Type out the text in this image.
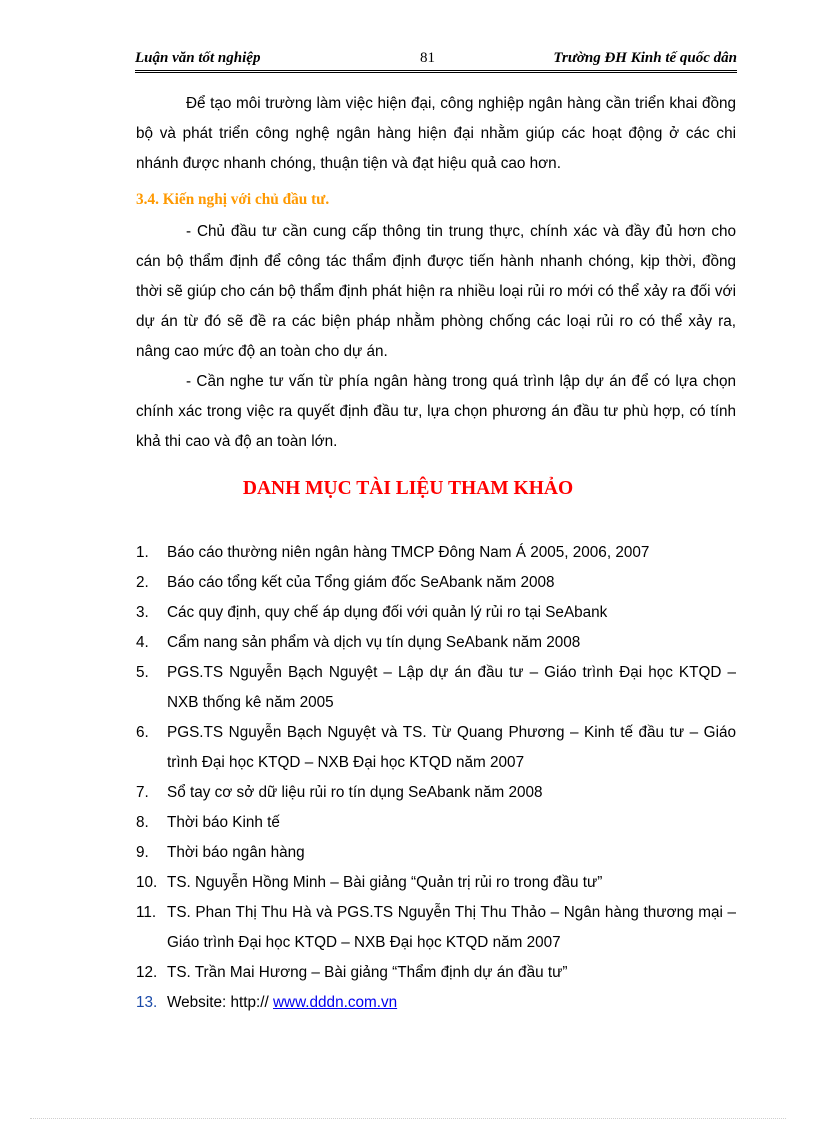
Luận văn tốt nghiệp	81	Trường ĐH Kinh tế quốc dân

Để tạo môi trường làm việc hiện đại, công nghiệp ngân hàng cần triển khai đồng bộ và phát triển công nghệ ngân hàng hiện đại nhằm giúp các hoạt động ở các chi nhánh được nhanh chóng, thuận tiện và đạt hiệu quả cao hơn.

3.4. Kiến nghị với chủ đầu tư.

- Chủ đầu tư cần cung cấp thông tin trung thực, chính xác và đầy đủ hơn cho cán bộ thẩm định để công tác thẩm định được tiến hành nhanh chóng, kịp thời, đồng thời sẽ giúp cho cán bộ thẩm định phát hiện ra nhiều loại rủi ro mới có thể xảy ra đối với dự án từ đó sẽ đề ra các biện pháp nhằm phòng chống các loại rủi ro có thể xảy ra, nâng cao mức độ an toàn cho dự án.

- Cần nghe tư vấn từ phía ngân hàng trong quá trình lập dự án để có lựa chọn chính xác trong việc ra quyết định đầu tư, lựa chọn phương án đầu tư phù hợp, có tính khả thi cao và độ an toàn lớn.

DANH MỤC TÀI LIỆU THAM KHẢO
1. Báo cáo thường niên ngân hàng TMCP Đông Nam Á 2005, 2006, 2007
2. Báo cáo tổng kết của Tổng giám đốc SeAbank năm 2008
3. Các quy định, quy chế áp dụng đối với quản lý rủi ro tại SeAbank
4. Cẩm nang sản phẩm và dịch vụ tín dụng SeAbank năm 2008
5. PGS.TS Nguyễn Bạch Nguyệt – Lập dự án đầu tư – Giáo trình Đại học KTQD – NXB thống kê năm 2005
6. PGS.TS Nguyễn Bạch Nguyệt và TS. Từ Quang Phương – Kinh tế đầu tư – Giáo trình Đại học KTQD – NXB Đại học KTQD năm 2007
7. Sổ tay cơ sở dữ liệu rủi ro tín dụng SeAbank năm 2008
8. Thời báo Kinh tế
9. Thời báo ngân hàng
10. TS. Nguyễn Hồng Minh – Bài giảng “Quản trị rủi ro trong đầu tư”
11. TS. Phan Thị Thu Hà và PGS.TS Nguyễn Thị Thu Thảo – Ngân hàng thương mại – Giáo trình Đại học KTQD – NXB Đại học KTQD năm 2007
12. TS. Trần Mai Hương – Bài giảng “Thẩm định dự án đầu tư”
13. Website: http:// www.dddn.com.vn
